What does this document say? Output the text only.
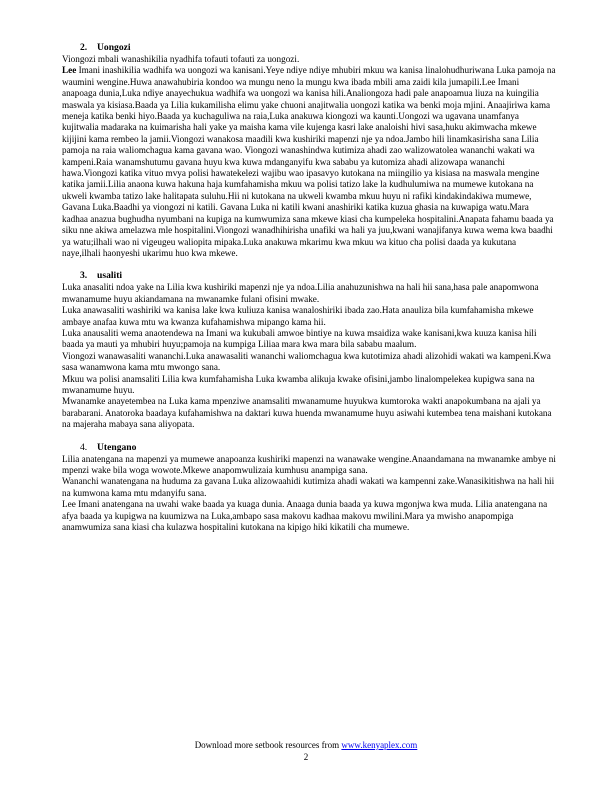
2. Uongozi

Viongozi mbali wanashikilia nyadhifa tofauti tofauti za uongozi.

Lee Imani inashikilia wadhifa wa uongozi wa kanisani.Yeye ndiye ndiye mhubiri mkuu wa kanisa linalohudhuriwana Luka pamoja na waumini wengine.Huwa anawahubiria kondoo wa mungu neno la mungu kwa ibada mbili ama zaidi kila jumapili.Lee Imani anapoaga dunia,Luka ndiye anayechukua wadhifa wa uongozi wa kanisa hili.Analiongoza hadi pale anapoamua liuza na kuingilia maswala ya kisiasa.Baada ya Lilia kukamilisha elimu yake chuoni anajitwalia uongozi katika wa benki moja mjini. Anaajiriwa kama meneja katika benki hiyo.Baada ya kuchaguliwa na raia,Luka anakuwa kiongozi wa kaunti.Uongozi wa ugavana unamfanya kujitwalia madaraka na kuimarisha hali yake ya maisha kama vile kujenga kasri lake analoishi hivi sasa,huku akimwacha mkewe kijijini kama rembeo la jamii.Viongozi wanakosa maadili kwa kushiriki mapenzi nje ya ndoa.Jambo hili linamkasirisha sana Lilia pamoja na raia waliomchagua kama gavana wao. Viongozi wanashindwa kutimiza ahadi zao walizowatolea wananchi wakati wa kampeni.Raia wanamshutumu gavana huyu kwa kuwa mdanganyifu kwa sababu ya kutomiza ahadi alizowapa wananchi hawa.Viongozi katika vituo mvya polisi hawatekelezi wajibu wao ipasavyo kutokana na miingilio ya kisiasa na maswala mengine katika jamii.Lilia anaona kuwa hakuna haja kumfahamisha mkuu wa polisi tatizo lake la kudhulumiwa na mumewe kutokana na ukweli kwamba tatizo lake halitapata suluhu.Hii ni kutokana na ukweli kwamba mkuu huyu ni rafiki kindakindakiwa mumewe, Gavana Luka.Baadhi ya viongozi ni katili. Gavana Luka ni katili kwani anashiriki katika kuzua ghasia na kuwapiga watu.Mara kadhaa anazua bughudha nyumbani na kupiga na kumwumiza sana mkewe kiasi cha kumpeleka hospitalini.Anapata fahamu baada ya siku nne akiwa amelazwa mle hospitalini.Viongozi wanadhihirisha unafiki wa hali ya juu,kwani wanajifanya kuwa wema kwa baadhi ya watu;ilhali wao ni vigeugeu waliopita mipaka.Luka anakuwa mkarimu kwa mkuu wa kituo cha polisi daada ya kukutana naye,ilhali haonyeshi ukarimu huo kwa mkewe.

3. usaliti

Luka anasaliti ndoa yake na Lilia kwa kushiriki mapenzi nje ya ndoa.Lilia anahuzunishwa na hali hii sana,hasa pale anapomwona mwanamume huyu akiandamana na mwanamke fulani ofisini mwake.

Luka anawasaliti washiriki wa kanisa lake kwa kuliuza kanisa wanaloshiriki ibada zao.Hata anauliza bila kumfahamisha mkewe ambaye anafaa kuwa mtu wa kwanza kufahamishwa mipango kama hii.

Luka anausaliti wema anaotendewa na Imani wa kukubali amwoe bintiye na kuwa msaidiza wake kanisani,kwa kuuza kanisa hili baada ya mauti ya mhubiri huyu;pamoja na kumpiga Liliaa mara kwa mara bila sababu maalum.

Viongozi wanawasaliti wananchi.Luka anawasaliti wananchi waliomchagua kwa kutotimiza ahadi alizohidi wakati wa kampeni.Kwa sasa wanamwona kama mtu mwongo sana.

Mkuu wa polisi anamsaliti Lilia kwa kumfahamisha Luka kwamba alikuja kwake ofisini,jambo linalompelekea kupigwa sana na mwanamume huyu.

Mwanamke anayetembea na Luka kama mpenziwe anamsaliti mwanamume huyukwa kumtoroka wakti anapokumbana na ajali ya barabarani. Anatoroka baadaya kufahamishwa na daktari kuwa huenda mwanamume huyu asiwahi kutembea tena maishani kutokana na majeraha mabaya sana aliyopata.

4. Utengano

Lilia anatengana na mapenzi ya mumewe anapoanza kushiriki mapenzi na wanawake wengine.Anaandamana na mwanamke ambye ni mpenzi wake bila woga wowote.Mkewe anapomwulizaia kumhusu anampiga sana.

Wananchi wanatengana na huduma za gavana Luka alizowaahidi kutimiza ahadi wakati wa kampenni zake.Wanasikitishwa na hali hii na kumwona kama mtu mdanyifu sana.

Lee Imani anatengana na uwahi wake baada ya kuaga dunia. Anaaga dunia baada ya kuwa mgonjwa kwa muda. Lilia anatengana na afya baada ya kupigwa na kuumizwa na Luka,ambapo sasa makovu kadhaa makovu mwilini.Mara ya mwisho anapompiga anamwumiza sana kiasi cha kulazwa hospitalini kutokana na kipigo hiki kikatili cha mumewe.

Download more setbook resources from www.kenyaplex.com
2
